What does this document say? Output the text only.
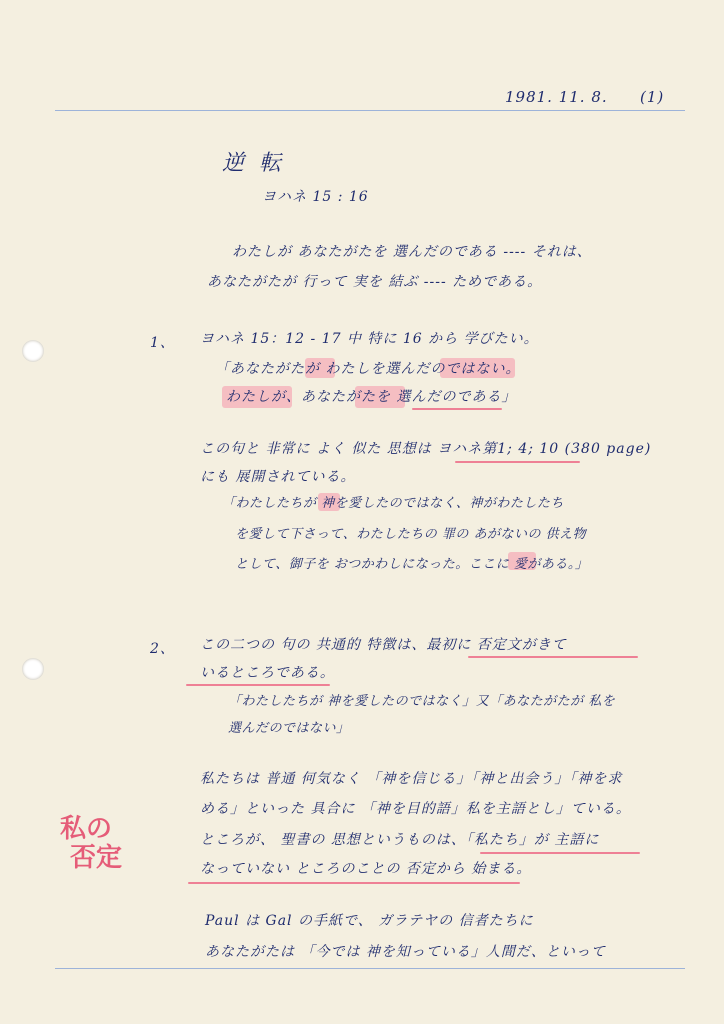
1981. 11. 8. (1)
逆 転
ヨハネ 15 : 16
わたしが あなたがたを 選んだのである ---- それは、
あなたがたが 行って 実を 結ぶ ---- ためである。
1、 ヨハネ 15：12 - 17 中 特に 16 から 学びたい。
「あなたがたが わたしを選んだのではない。
わたしが、あなたがたを 選んだのである」
この句と 非常に よく 似た 思想は ヨハネ第1; 4; 10 (380 page)
にも 展開されている。
「わたしたちが 神を愛したのではなく、神がわたしたち
を愛して下さって、わたしたちの 罪の あがないの 供え物
として、御子を おつかわしになった。ここに 愛がある。」
2、 この二つの 句の 共通的 特徴は、最初に 否定文がきて
いるところである。
「わたしたちが 神を愛したのではなく」又「あなたがたが 私を
選んだのではない」
私たちは 普通 何気なく 「神を信じる」「神と出会う」「神を求
める」といった 具合に 「神を目的語」私を主語とし」ている。
ところが、 聖書の 思想というものは、「私たち」が 主語に
なっていない ところのことの 否定から 始まる。
Paul は Gal の手紙で、 ガラテヤの 信者たちに
あなたがたは 「今では 神を知っている」人間だ、といって
私の
否定
